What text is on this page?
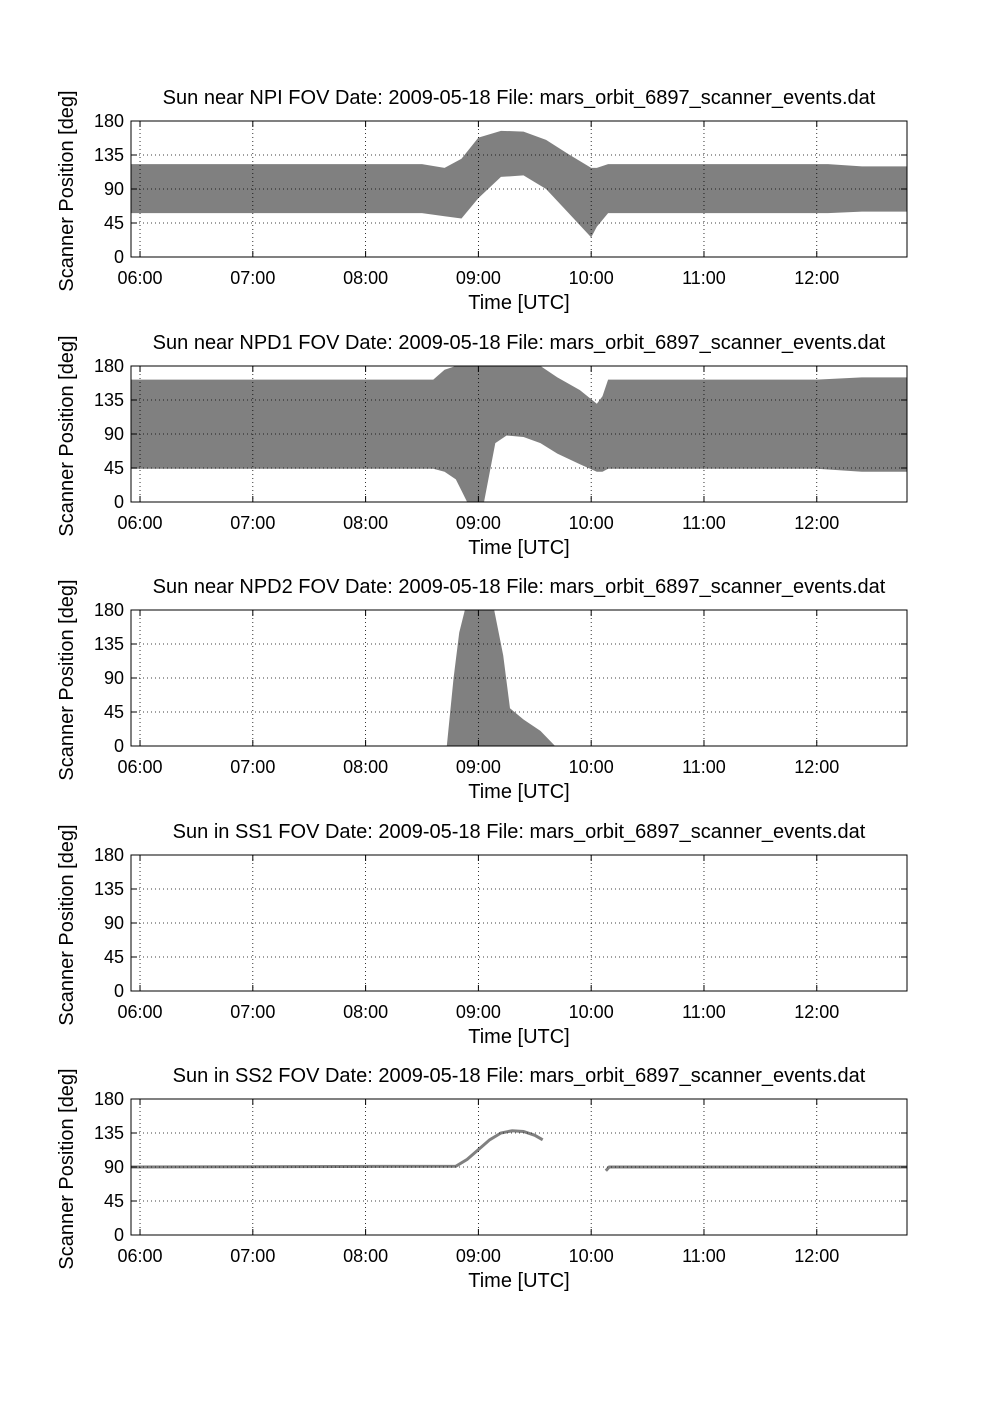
Sun near NPI FOV Date: 2009-05-18 File: mars_orbit_6897_scanner_events.dat
06:00	07:00	08:00	09:00	10:00	11:00	12:00
0
45
90
135
180
Time [UTC]
Scanner Position [deg]
Sun near NPD1 FOV Date: 2009-05-18 File: mars_orbit_6897_scanner_events.dat
06:00	07:00	08:00	09:00	10:00	11:00	12:00
0
45
90
135
180
Time [UTC]
Scanner Position [deg]
Sun near NPD2 FOV Date: 2009-05-18 File: mars_orbit_6897_scanner_events.dat
06:00	07:00	08:00	09:00	10:00	11:00	12:00
0
45
90
135
180
Time [UTC]
Scanner Position [deg]
Sun in SS1 FOV Date: 2009-05-18 File: mars_orbit_6897_scanner_events.dat
06:00	07:00	08:00	09:00	10:00	11:00	12:00
0
45
90
135
180
Time [UTC]
Scanner Position [deg]
Sun in SS2 FOV Date: 2009-05-18 File: mars_orbit_6897_scanner_events.dat
06:00	07:00	08:00	09:00	10:00	11:00	12:00
0
45
90
135
180
Time [UTC]
Scanner Position [deg]
